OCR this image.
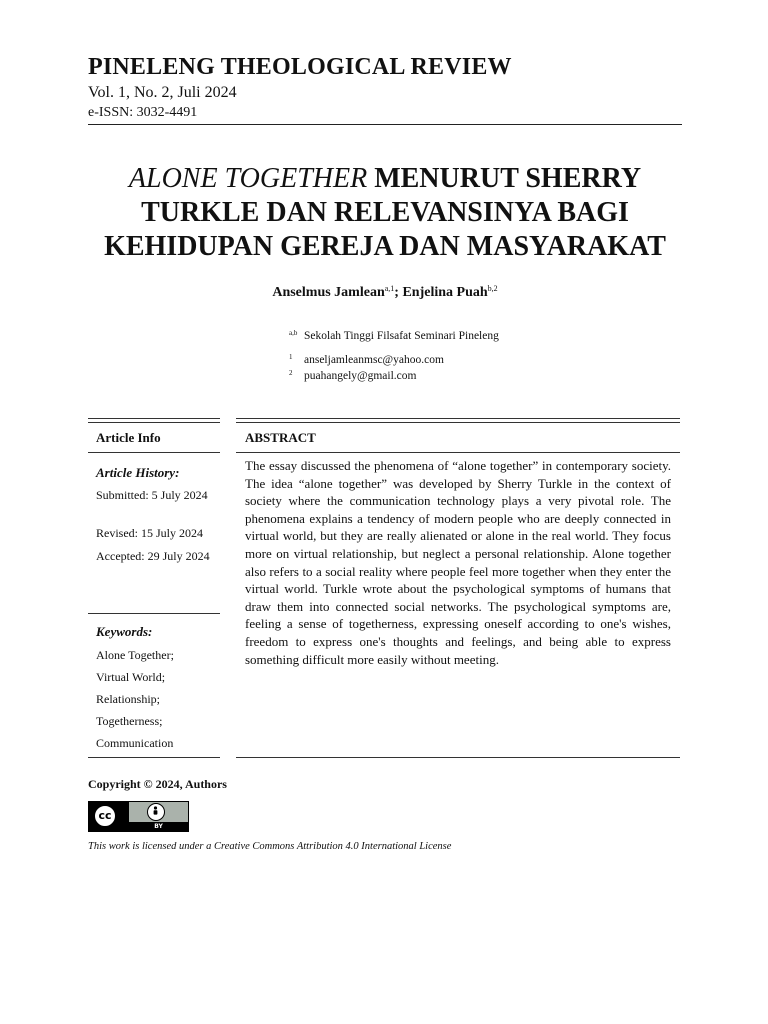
PINELENG THEOLOGICAL REVIEW
Vol. 1, No. 2, Juli 2024
e-ISSN: 3032-4491
ALONE TOGETHER MENURUT SHERRY
TURKLE DAN RELEVANSINYA BAGI
KEHIDUPAN GEREJA DAN MASYARAKAT
Anselmus Jamlean$^{a,1}$; Enjelina Puah$^{b,2}$
$^{a,b}$ Sekolah Tinggi Filsafat Seminari Pineleng
$^1$ anseljamleanmsc@yahoo.com
$^2$ puahangely@gmail.com
Article Info	ABSTRACT
Article History:
Submitted: 5 July 2024
Revised: 15 July 2024
Accepted: 29 July 2024
Keywords:
Alone Together;
Virtual World;
Relationship;
Togetherness;
Communication

The essay discussed the phenomena of “alone together” in contemporary society. The idea “alone together” was developed by Sherry Turkle in the context of society where the communication technology plays a very pivotal role. The phenomena explains a tendency of modern people who are deeply connected in virtual world, but they are really alienated or alone in the real world. They focus more on virtual relationship, but neglect a personal relationship. Alone together also refers to a social reality where people feel more together when they enter the virtual world. Turkle wrote about the psychological symptoms of humans that draw them into connected social networks. The psychological symptoms are, feeling a sense of togetherness, expressing oneself according to one's wishes, freedom to express one's thoughts and feelings, and being able to express something difficult more easily without meeting.

Copyright © 2024, Authors
cc
BY
This work is licensed under a Creative Commons Attribution 4.0 International License
